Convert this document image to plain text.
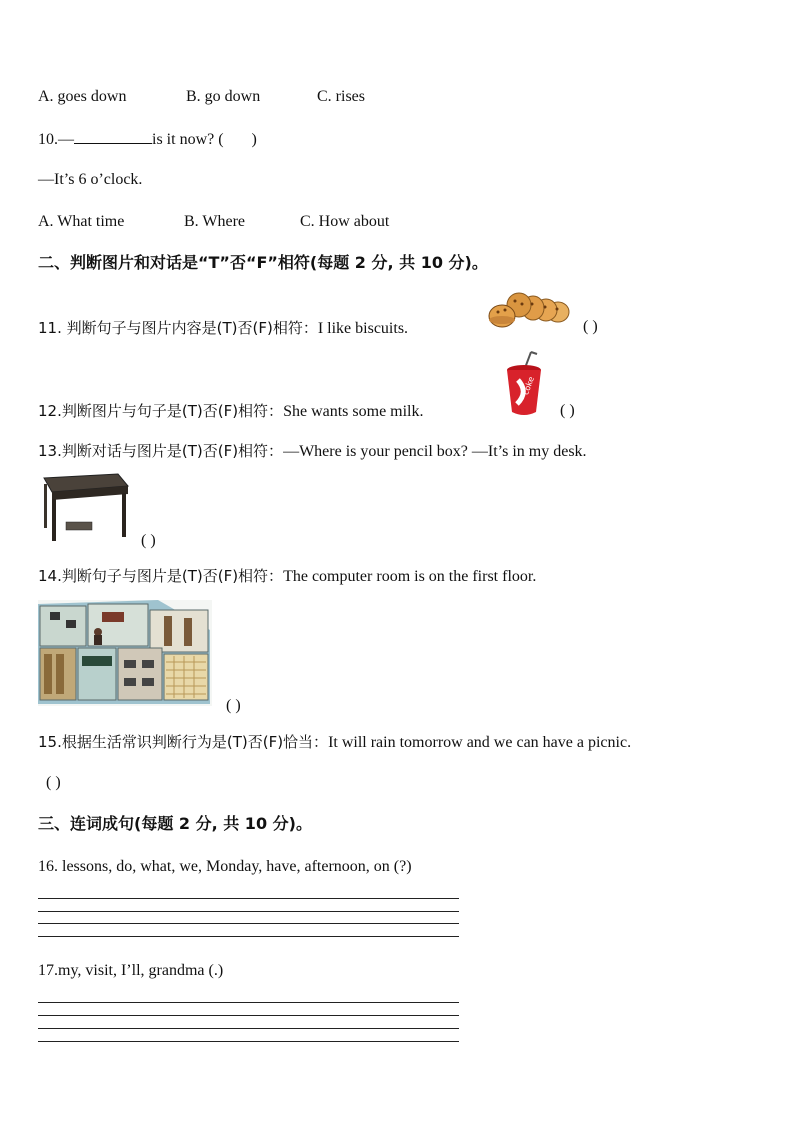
A. goes down	B. go down	C. rises
10.—	is it now? ( )
—It’s 6 o’clock.
A. What time	B. Where	C. How about
二、判断图片和对话是“T”否“F”相符(每题 2 分, 共 10 分)。
11. 判断句子与图片内容是(T)否(F)相符：I like biscuits.	( )
12.判断图片与句子是(T)否(F)相符：She wants some milk.
coke
( )
13.判断对话与图片是(T)否(F)相符：—Where is your pencil box? —It’s in my desk.
( )
14.判断句子与图片是(T)否(F)相符：The computer room is on the first floor.
( )
15.根据生活常识判断行为是(T)否(F)恰当：It will rain tomorrow and we can have a picnic.
( )
三、连词成句(每题 2 分, 共 10 分)。
16. lessons, do, what, we, Monday, have, afternoon, on (?)
17.my, visit, I’ll, grandma (.)
